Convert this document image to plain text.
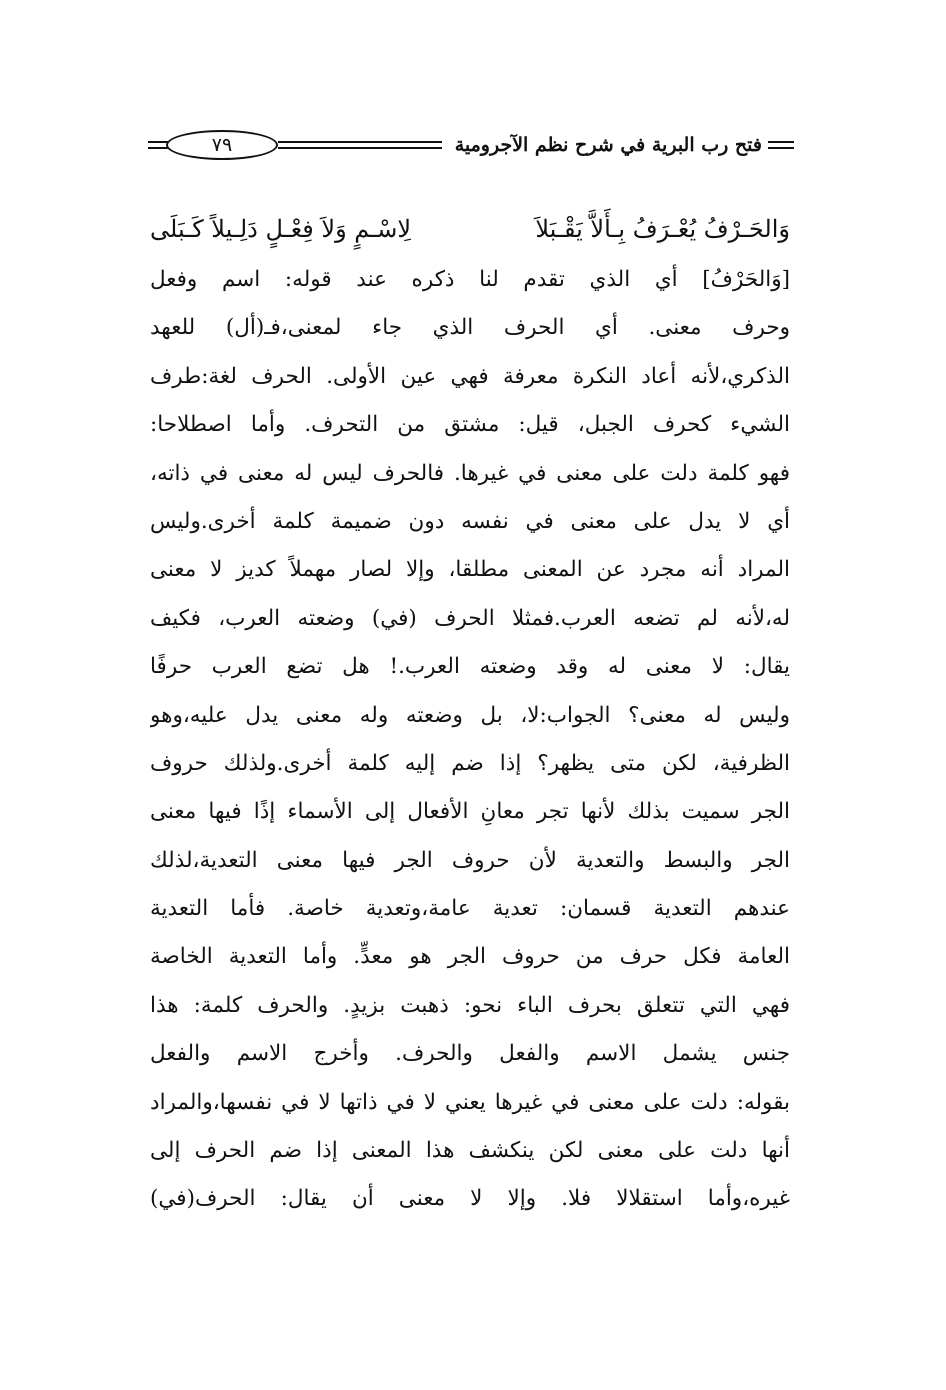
فتح رب البرية في شرح نظم الآجرومية
٧٩
وَالحَـرْفُ يُعْـرَفُ بِـأَلاَّ يَقْـبَلاَ
لِاسْـمٍ وَلاَ فِعْـلٍ دَلِـيلاً كَـبَلَى
[وَالحَرْفُ] أي الذي تقدم لنا ذكره عند قوله: اسم وفعل
وحرف معنى. أي الحرف الذي جاء لمعنى،فـ(أل) للعهد
الذكري،لأنه أعاد النكرة معرفة فهي عين الأولى. الحرف لغة:طرف
الشيء كحرف الجبل، قيل: مشتق من التحرف. وأما اصطلاحا:
فهو كلمة دلت على معنى في غيرها. فالحرف ليس له معنى في ذاته،
أي لا يدل على معنى في نفسه دون ضميمة كلمة أخرى.وليس
المراد أنه مجرد عن المعنى مطلقا، وإلا لصار مهملاً كديز لا معنى
له،لأنه لم تضعه العرب.فمثلا الحرف (في) وضعته العرب، فكيف
يقال: لا معنى له وقد وضعته العرب.! هل تضع العرب حرفًا
وليس له معنى؟ الجواب:لا، بل وضعته وله معنى يدل عليه،وهو
الظرفية، لكن متى يظهر؟ إذا ضم إليه كلمة أخرى.ولذلك حروف
الجر سميت بذلك لأنها تجر معانِ الأفعال إلى الأسماء إذًا فيها معنى
الجر والبسط والتعدية لأن حروف الجر فيها معنى التعدية،لذلك
عندهم التعدية قسمان: تعدية عامة،وتعدية خاصة. فأما التعدية
العامة فكل حرف من حروف الجر هو معدٍّ. وأما التعدية الخاصة
فهي التي تتعلق بحرف الباء نحو: ذهبت بزيدٍ. والحرف كلمة: هذا
جنس يشمل الاسم والفعل والحرف. وأخرج الاسم والفعل
بقوله: دلت على معنى في غيرها يعني لا في ذاتها لا في نفسها،والمراد
أنها دلت على معنى لكن ينكشف هذا المعنى إذا ضم الحرف إلى
غيره،وأما استقلالا فلا. وإلا لا معنى أن يقال: الحرف(في)
